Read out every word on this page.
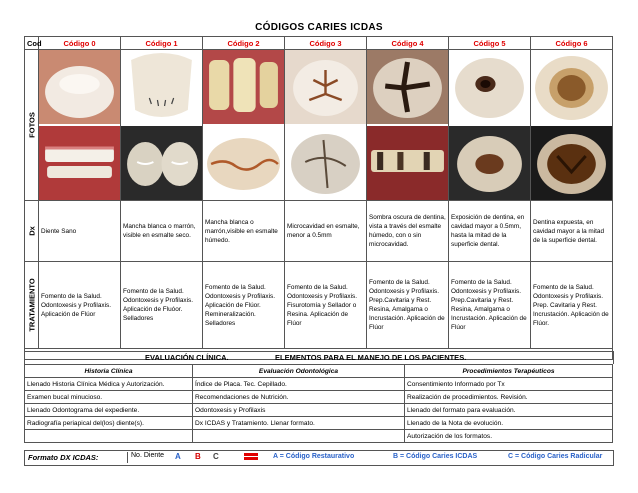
CÓDIGOS CARIES ICDAS
Cod	Código 0	Código 1	Código 2	Código 3	Código 4	Código 5	Código 6

FOTOS

Dx	Diente Sano	Mancha blanca o marrón, visible en esmalte seco.	Mancha blanca o marrón,visible en esmalte húmedo.	Microcavidad en esmalte, menor a 0.5mm	Sombra oscura de dentina, vista a través del esmalte húmedo, con o sin microcavidad.	Exposición de dentina, en cavidad mayor a 0.5mm, hasta la mitad de la superficie dental.	Dentina expuesta, en cavidad mayor a la mitad de la superficie dental.

TRATAMIENTO	Fomento de la Salud. Odontoxesis y Profilaxis. Aplicación de Flúor	Fomento de la Salud. Odontoxesis y Profilaxis. Aplicación de Fluóor. Selladores	Fomento de la Salud. Odontoxesis y Profilaxis. Aplicación de Flúor. Remineralización. Selladores	Fomento de la Salud. Odontoxesis y Profilaxis. Fisurotomía y Sellador o Resina. Aplicación de Flúor	Fomento de la Salud. Odontoxesis y Profilaxis. Prep.Cavitaria y Rest. Resina, Amalgama o Incrustación. Aplicación de Flúor	Fomento de la Salud. Odontoxesis y Profilaxis. Prep.Cavitaria y Rest. Resina, Amalgama o Incrustación. Aplicación de Flúor	Fomento de la Salud. Odontoxesis y Profilaxis. Prep. Cavitaria y Rest. Incrustación. Aplicación de Flúor.

EVALUACIÓN CLÍNICA.	ELEMENTOS PARA EL MANEJO DE LOS PACIENTES.
Historia Clínica	Evaluación Odontológica	Procedimientos Terapéuticos
Llenado Historia Clínica Médica y Autorización.	Índice de Placa. Tec. Cepillado.	Consentimiento Informado por Tx
Examen bucal minucioso.	Recomendaciones de Nutrición.	Realización de procedimientos. Revisión.
Llenado Odontograma del expediente.	Odontoxesis y Profilaxis	Llenado del formato para evaluación.
Radiografía periapical del(los) diente(s).	Dx ICDAS y Tratamiento. Llenar formato.	Llenado de la Nota de evolución.
		Autorización de los formatos.
Formato DX ICDAS:	No. Diente A B C	A = Código Restaurativo	B = Código Caries ICDAS	C = Código Caries Radicular
